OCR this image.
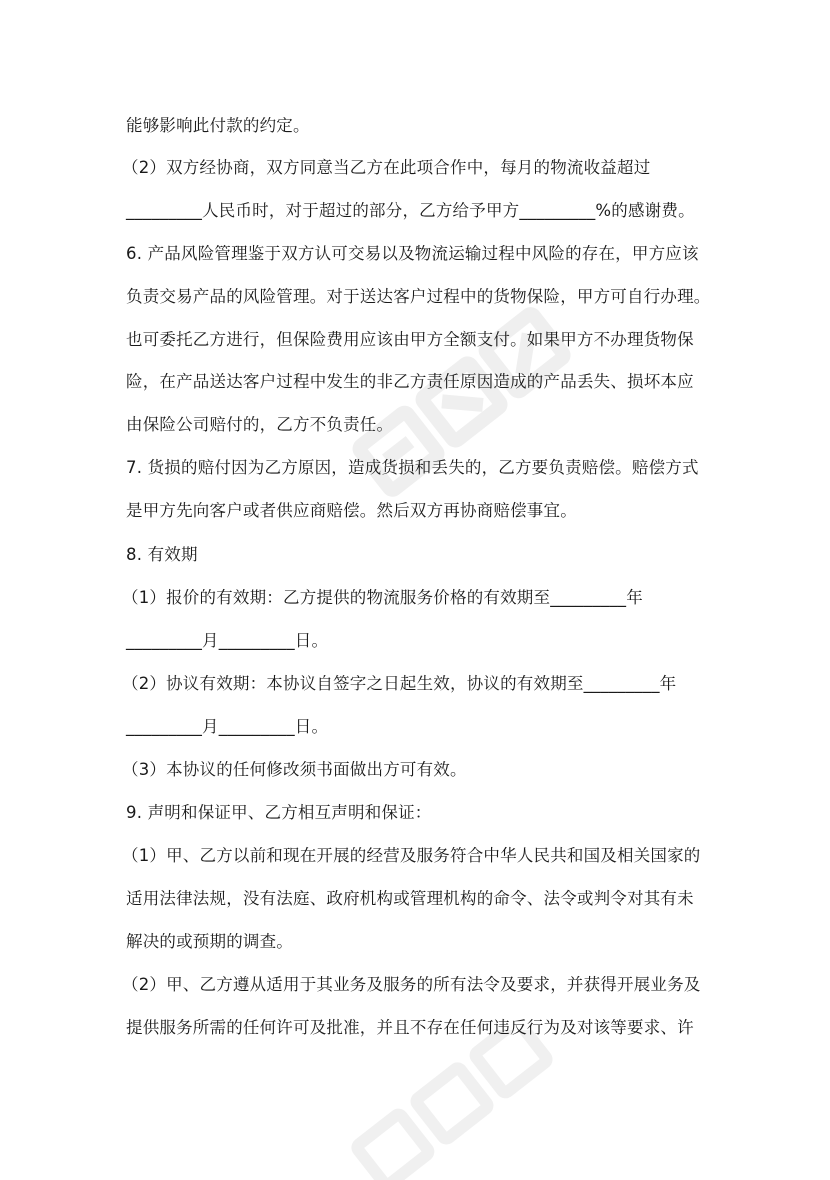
能够影响此付款的约定。
（2）双方经协商，双方同意当乙方在此项合作中，每月的物流收益超过
_________人民币时，对于超过的部分，乙方给予甲方_________%的感谢费。
6. 产品风险管理鉴于双方认可交易以及物流运输过程中风险的存在，甲方应该
负责交易产品的风险管理。对于送达客户过程中的货物保险，甲方可自行办理。
也可委托乙方进行，但保险费用应该由甲方全额支付。如果甲方不办理货物保
险，在产品送达客户过程中发生的非乙方责任原因造成的产品丢失、损坏本应
由保险公司赔付的，乙方不负责任。
7. 货损的赔付因为乙方原因，造成货损和丢失的，乙方要负责赔偿。赔偿方式
是甲方先向客户或者供应商赔偿。然后双方再协商赔偿事宜。
8. 有效期
（1）报价的有效期：乙方提供的物流服务价格的有效期至_________年
_________月_________日。
（2）协议有效期：本协议自签字之日起生效，协议的有效期至_________年
_________月_________日。
（3）本协议的任何修改须书面做出方可有效。
9. 声明和保证甲、乙方相互声明和保证：
（1）甲、乙方以前和现在开展的经营及服务符合中华人民共和国及相关国家的
适用法律法规，没有法庭、政府机构或管理机构的命令、法令或判令对其有未
解决的或预期的调查。
（2）甲、乙方遵从适用于其业务及服务的所有法令及要求，并获得开展业务及
提供服务所需的任何许可及批准，并且不存在任何违反行为及对该等要求、许
